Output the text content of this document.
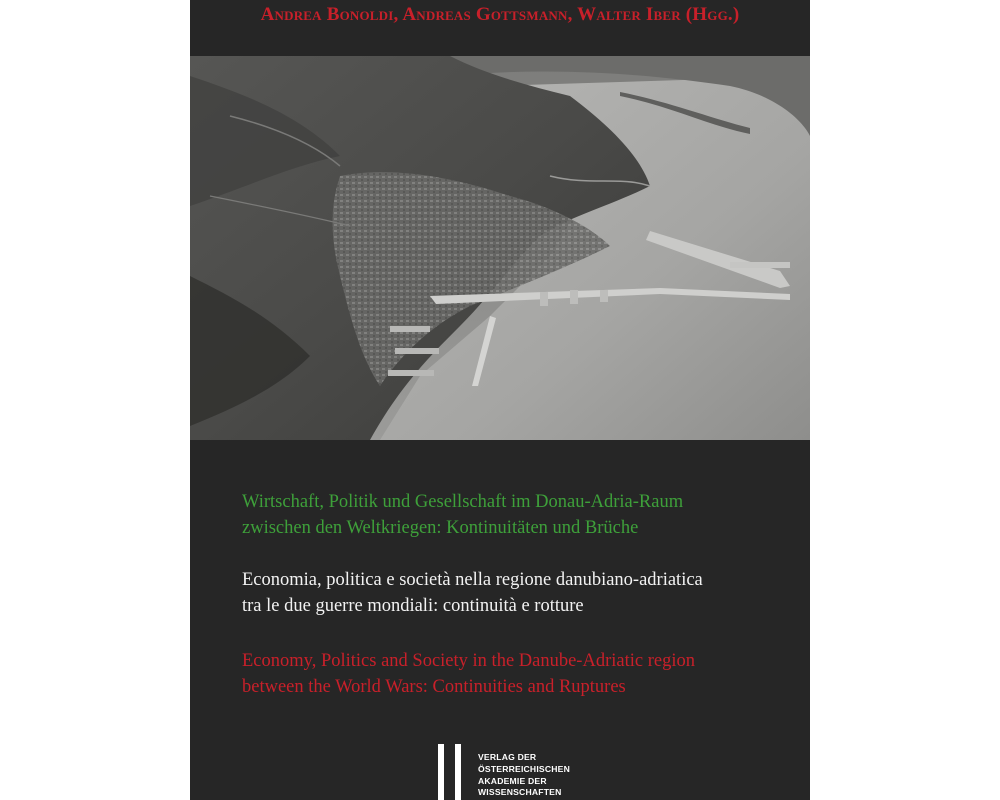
Andrea Bonoldi, Andreas Gottsmann, Walter Iber (Hgg.)
Wirtschaft, Politik und Gesellschaft im Donau-Adria-Raum
zwischen den Weltkriegen: Kontinuitäten und Brüche
Economia, politica e società nella regione danubiano-adriatica
tra le due guerre mondiali: continuità e rotture
Economy, Politics and Society in the Danube-Adriatic region
between the World Wars: Continuities and Ruptures
VERLAG DER
ÖSTERREICHISCHEN
AKADEMIE DER
WISSENSCHAFTEN
